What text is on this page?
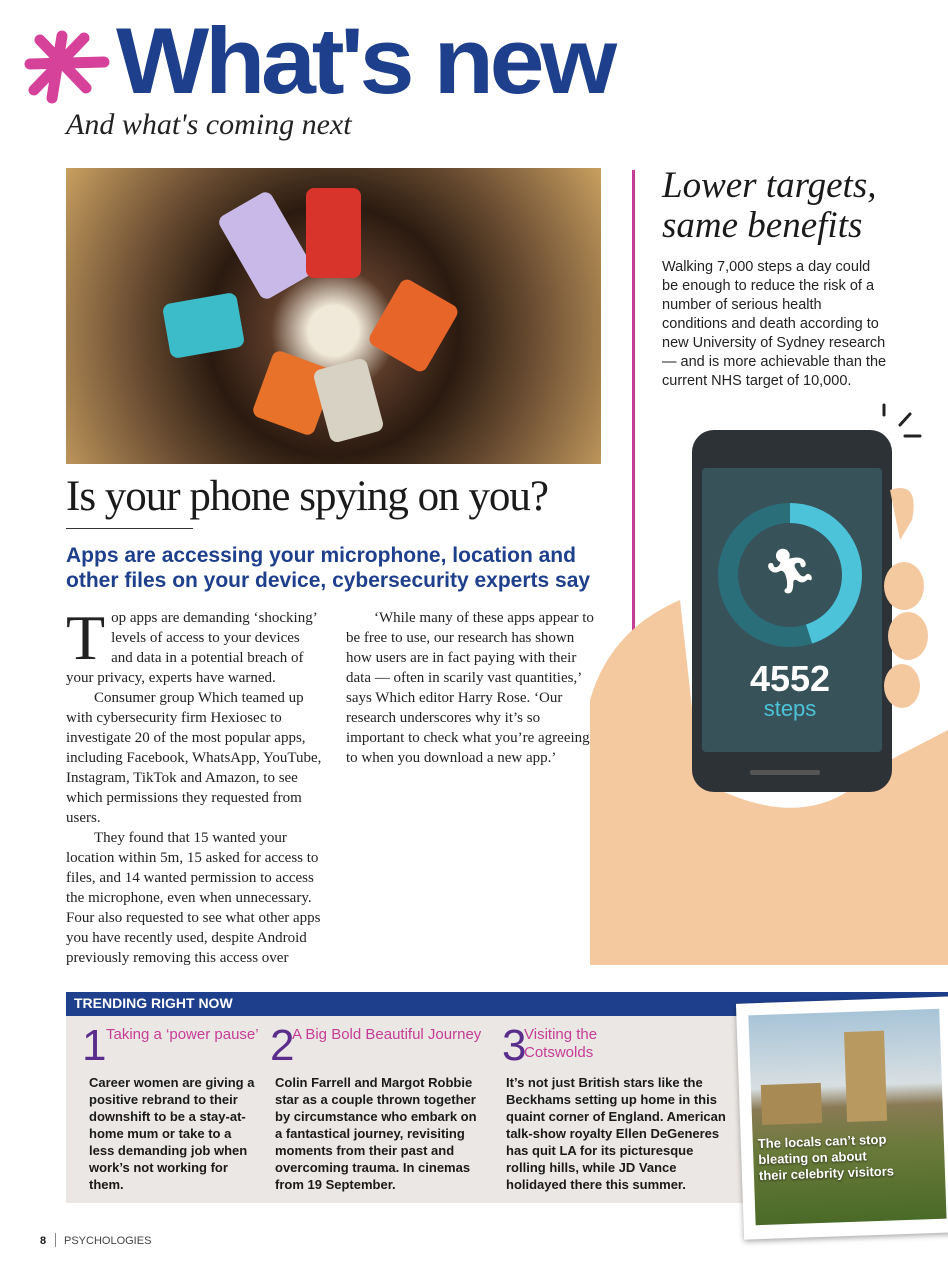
What's new
And what's coming next
Is your phone spying on you?
Apps are accessing your microphone, location and other files on your device, cybersecurity experts say

Top apps are demanding ‘shocking’ levels of access to your devices and data in a potential breach of your privacy, experts have warned.

Consumer group Which teamed up with cybersecurity firm Hexiosec to investigate 20 of the most popular apps, including Facebook, WhatsApp, YouTube, Instagram, TikTok and Amazon, to see which permissions they requested from users.

They found that 15 wanted your location within 5m, 15 asked for access to files, and 14 wanted permission to access the microphone, even when unnecessary. Four also requested to see what other apps you have recently used, despite Android previously removing this access over

‘While many of these apps appear to be free to use, our research has shown how users are in fact paying with their data — often in scarily vast quantities,’ says Which editor Harry Rose. ‘Our research underscores why it’s so important to check what you’re agreeing to when you download a new app.’

Lower targets, same benefits
Walking 7,000 steps a day could be enough to reduce the risk of a number of serious health conditions and death according to new University of Sydney research — and is more achievable than the current NHS target of 10,000.
🏃︎
4552
steps
TRENDING RIGHT NOW
1 Taking a ‘power pause’
Career women are giving a positive rebrand to their downshift to be a stay-at-home mum or take to a less demanding job when work’s not working for them.
2 A Big Bold Beautiful Journey
Colin Farrell and Margot Robbie star as a couple thrown together by circumstance who embark on a fantastical journey, revisiting moments from their past and overcoming trauma. In cinemas from 19 September.
3 Visiting the Cotswolds
It’s not just British stars like the Beckhams setting up home in this quaint corner of England. American talk-show royalty Ellen DeGeneres has quit LA for its picturesque rolling hills, while JD Vance holidayed there this summer.
The locals can’t stop bleating on about their celebrity visitors
8 PSYCHOLOGIES
